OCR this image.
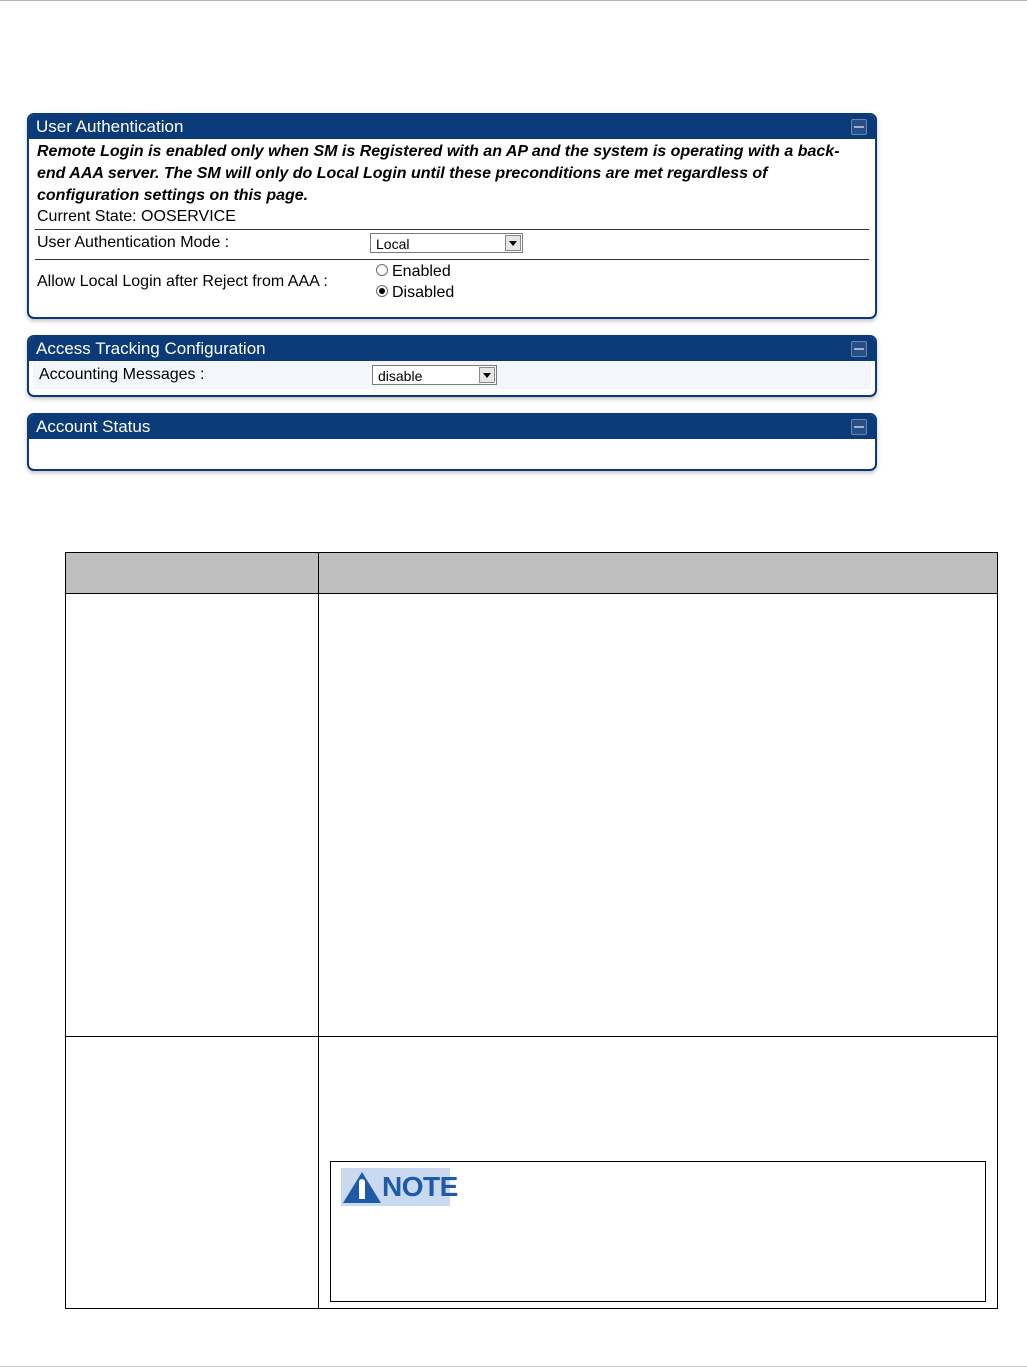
User Authentication
Remote Login is enabled only when SM is Registered with an AP and the system is operating with a back-end AAA server. The SM will only do Local Login until these preconditions are met regardless of configuration settings on this page.
Current State: OOSERVICE
User Authentication Mode :	Local
Allow Local Login after Reject from AAA :
Enabled
Disabled
Access Tracking Configuration
Accounting Messages :	disable
Account Status
NOTE
